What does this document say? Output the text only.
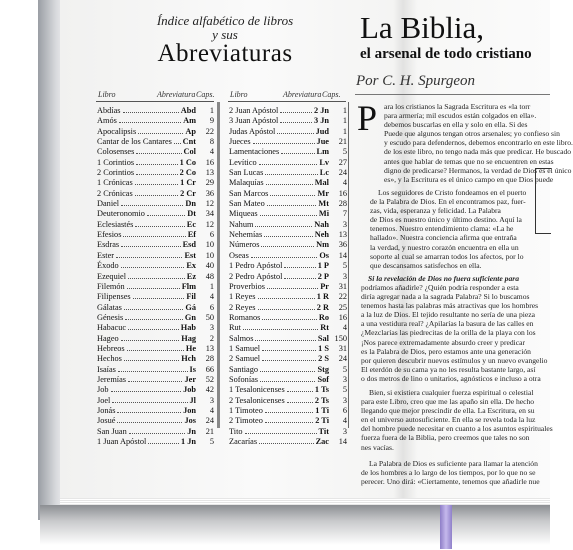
Índice alfabético de libros
y sus
Abreviaturas
Libro	Abreviatura Caps. Libro	Abreviatura Caps.
Abdías	Abd	1
Amós	Am	9
Apocalipsis	Ap	22
Cantar de los Cantares Cnt	8
Colosenses	Col	4
1 Corintios	1 Co	16
2 Corintios	2 Co	13
1 Crónicas	1 Cr	29
2 Crónicas	2 Cr	36
Daniel	Dn	12
Deuteronomio	Dt	34
Eclesiastés	Ec	12
Efesios	Ef	6
Esdras	Esd	10
Ester	Est	10
Éxodo	Ex	40
Ezequiel	Ez	48
Filemón	Flm	1
Filipenses	Fil	4
Gálatas	Gá	6
Génesis	Gn	50
Habacuc	Hab	3
Hageo	Hag	2
Hebreos	He	13
Hechos	Hch	28
Isaías	Is	66
Jeremías	Jer	52
Job	Job	42
Joel	Jl	3
Jonás	Jon	4
Josué	Jos	24
San Juan	Jn	21
1 Juan Apóstol	1 Jn	5
2 Juan Apóstol	2 Jn	1
3 Juan Apóstol	3 Jn	1
Judas Apóstol	Jud	1
Jueces	Jue	21
Lamentaciones	Lm	5
Levítico	Lv	27
San Lucas	Lc	24
Malaquías	Mal	4
San Marcos	Mr	16
San Mateo	Mt	28
Miqueas	Mi	7
Nahum	Nah	3
Nehemías	Neh	13
Números	Nm	36
Oseas	Os	14
1 Pedro Apóstol	1 P	5
2 Pedro Apóstol	2 P	3
Proverbios	Pr	31
1 Reyes	1 R	22
2 Reyes	2 R	25
Romanos	Ro	16
Rut	Rt	4
Salmos	Sal 150
1 Samuel	1 S	31
2 Samuel	2 S	24
Santiago	Stg	5
Sofonías	Sof	3
1 Tesalonicenses	1 Ts	5
2 Tesalonicenses	2 Ts	3
1 Timoteo	1 Ti	6
2 Timoteo	2 Ti	4
Tito	Tit	3
Zacarías	Zac	14
La Biblia,
el arsenal de todo cristiano
Por C. H. Spurgeon
P ara los cristianos la Sagrada Escritura es «la torr
para armería; mil escudos están colgados en ella».
debemos buscarlas en ella y solo en ella. Si des
Puede que algunos tengan otros arsenales; yo confieso sin
y escudo para defendernos, debemos encontrarlo en este libro.
de los este libro, no tengo nada más que predicar. He buscado
antes que hablar de temas que no se encuentren en estas
digno de predicarse? Hermanos, la verdad de Dios es el único
es», y la Escritura es el único campo en que Dios puede
Los seguidores de Cristo fondeamos en el puerto
de la Palabra de Dios. En el encontramos paz, fuer-
zas, vida, esperanza y felicidad. La Palabra
de Dios es nuestro único y último destino. Aquí la
tenemos. Nuestro entendimiento clama: «La he
hallado». Nuestra conciencia afirma que entraña
la verdad, y nuestro corazón encuentra en ella un
soporte al cual se amarran todos los afectos, por lo
que descansamos satisfechos en ella.
Si la revelación de Dios no fuera suficiente para
podríamos añadirle? ¿Quién podría responder a esta
diría agregar nada a la sagrada Palabra? Si lo buscamos
tenemos hasta las palabras más atractivas que los hombres
a la luz de Dios. El tejido resultante no sería de una pieza
a una vestidura real? ¿Apilarías la basura de las calles en
¿Mezclarías las piedrecitas de la orilla de la playa con los
¡Nos parece extremadamente absurdo creer y predicar
es la Palabra de Dios, pero estamos ante una generación
por quieren descubrir nuevos estímulos y un nuevo evangelio
El eterdón de su cama ya no les resulta bastante largo, así
o dos metros de lino o unitarios, agnósticos e incluso a otra
Bien, si existiera cualquier fuerza espiritual o celestial
para este Libro, creo que me las apaño sin ella. De hecho
llegando que mejor prescindir de ella. La Escritura, en su
en el universo autosuficiente. En ella se revela toda la luz
del hombre puede necesitar en cuanto a los asuntos espirituales
fuerza fuera de la Biblia, pero creemos que tales no son
nes vacías.
La Palabra de Dios es suficiente para llamar la atención
de los hombres a lo largo de los tiempos, por lo que no se
perecer. Uno dirá: «Ciertamente, tenemos que añadirle nue
